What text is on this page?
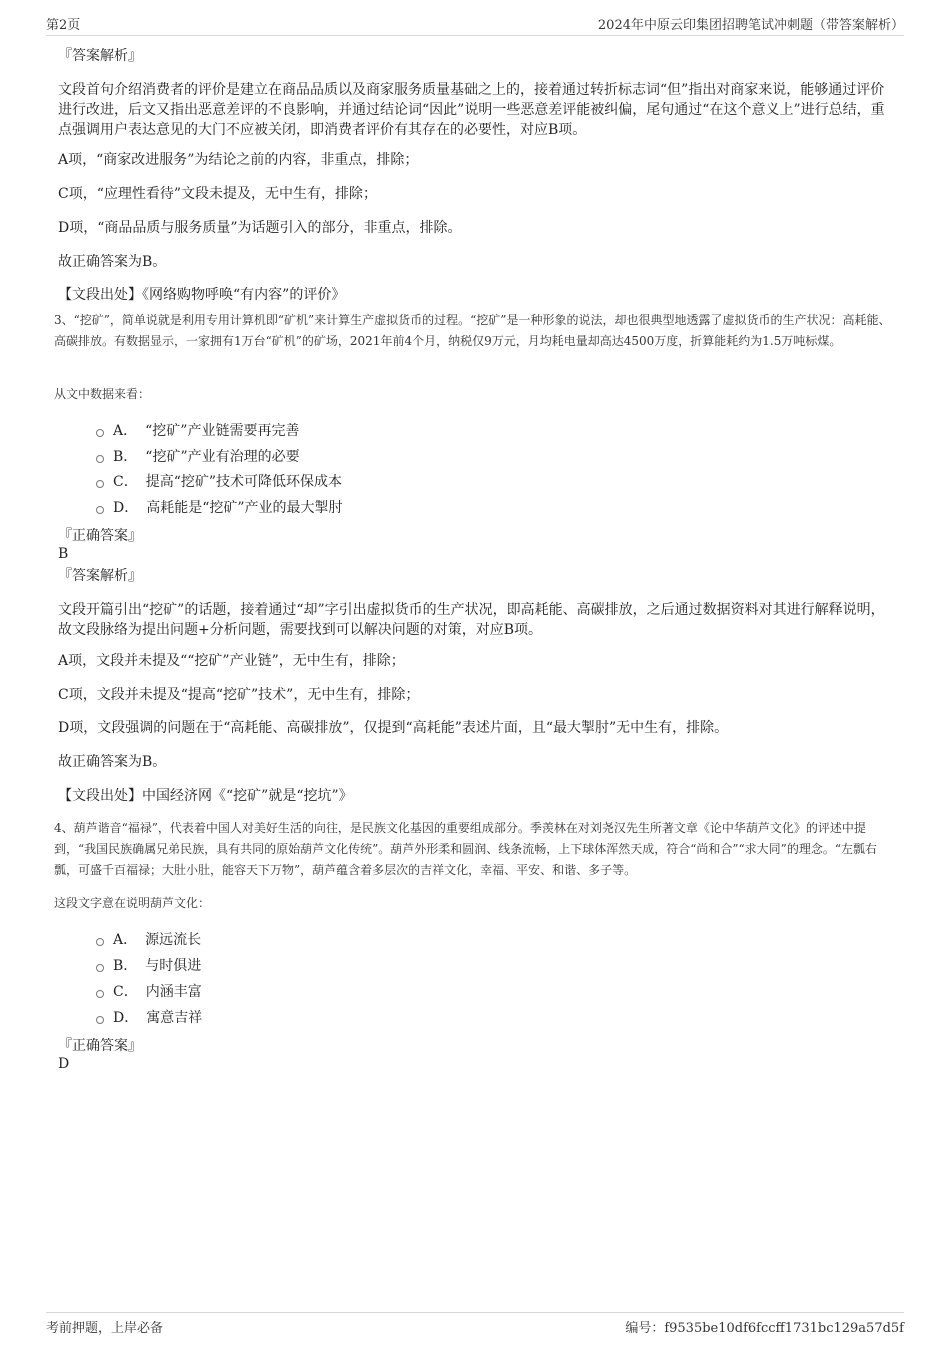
第2页	2024年中原云印集团招聘笔试冲刺题（带答案解析）
『答案解析』
文段首句介绍消费者的评价是建立在商品品质以及商家服务质量基础之上的，接着通过转折标志词“但”指出对商家来说，能够通过评价进行改进，后文又指出恶意差评的不良影响，并通过结论词“因此”说明一些恶意差评能被纠偏，尾句通过“在这个意义上”进行总结，重点强调用户表达意见的大门不应被关闭，即消费者评价有其存在的必要性，对应B项。
A项，“商家改进服务”为结论之前的内容，非重点，排除；
C项，“应理性看待”文段未提及，无中生有，排除；
D项，“商品品质与服务质量”为话题引入的部分，非重点，排除。
故正确答案为B。
【文段出处】《网络购物呼唤“有内容”的评价》
3、“挖矿”，简单说就是利用专用计算机即“矿机”来计算生产虚拟货币的过程。“挖矿”是一种形象的说法，却也很典型地透露了虚拟货币的生产状况：高耗能、高碳排放。有数据显示，一家拥有1万台“矿机”的矿场，2021年前4个月，纳税仅9万元，月均耗电量却高达4500万度，折算能耗约为1.5万吨标煤。
从文中数据来看：
A． “挖矿”产业链需要再完善
B． “挖矿”产业有治理的必要
C． 提高“挖矿”技术可降低环保成本
D． 高耗能是“挖矿”产业的最大掣肘
『正确答案』
B
『答案解析』
文段开篇引出“挖矿”的话题，接着通过“却”字引出虚拟货币的生产状况，即高耗能、高碳排放，之后通过数据资料对其进行解释说明，故文段脉络为提出问题+分析问题，需要找到可以解决问题的对策，对应B项。
A项，文段并未提及““挖矿”产业链”，无中生有，排除；
C项，文段并未提及“提高“挖矿”技术”，无中生有，排除；
D项，文段强调的问题在于“高耗能、高碳排放”，仅提到“高耗能”表述片面，且“最大掣肘”无中生有，排除。
故正确答案为B。
【文段出处】中国经济网《“挖矿”就是“挖坑”》
4、葫芦谐音“福禄”，代表着中国人对美好生活的向往，是民族文化基因的重要组成部分。季羡林在对刘尧汉先生所著文章《论中华葫芦文化》的评述中提到，“我国民族确属兄弟民族，具有共同的原始葫芦文化传统”。葫芦外形柔和圆润、线条流畅，上下球体浑然天成，符合“尚和合”“求大同”的理念。“左瓢右瓢，可盛千百福禄；大肚小肚，能容天下万物”，葫芦蕴含着多层次的吉祥文化，幸福、平安、和谐、多子等。
这段文字意在说明葫芦文化：
A． 源远流长
B． 与时俱进
C． 内涵丰富
D． 寓意吉祥
『正确答案』
D
考前押题，上岸必备	编号：f9535be10df6fccff1731bc129a57d5f
